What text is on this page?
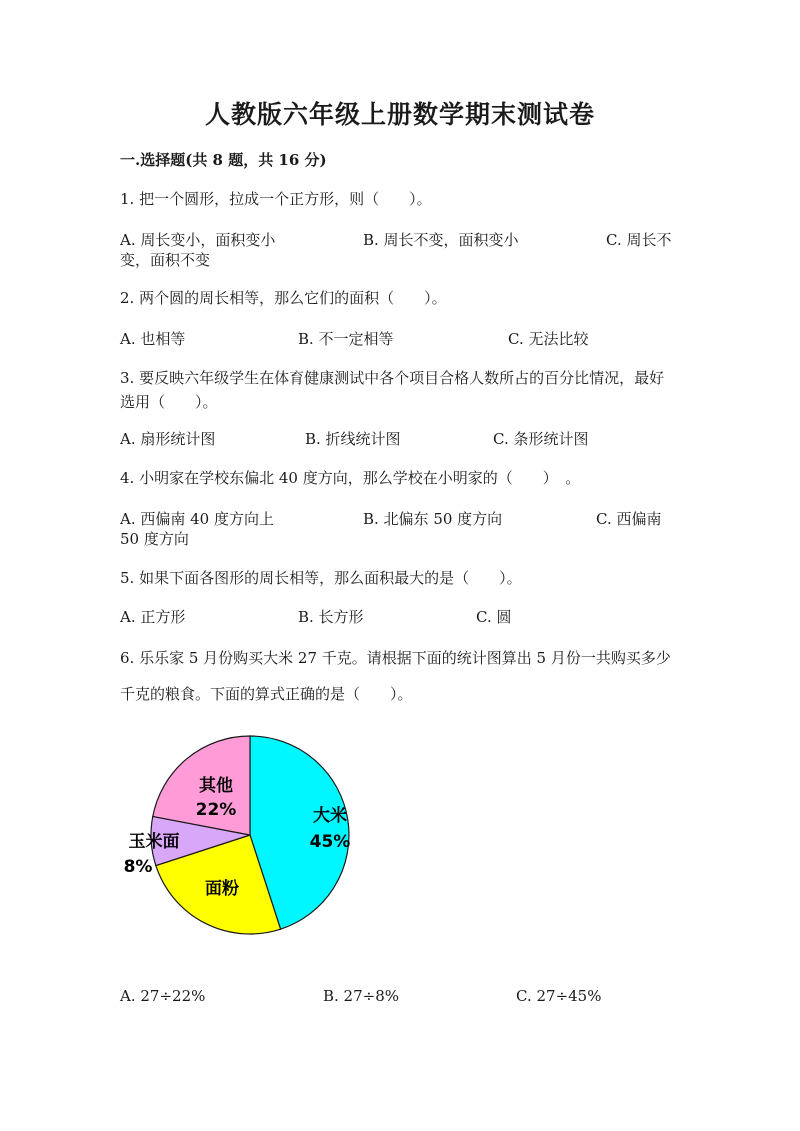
人教版六年级上册数学期末测试卷
一.选择题(共 8 题，共 16 分)
1. 把一个圆形，拉成一个正方形，则（　　）。
A. 周长变小，面积变小	B. 周长不变，面积变小	C. 周长不
变，面积不变
2. 两个圆的周长相等，那么它们的面积（　　）。
A. 也相等	B. 不一定相等	C. 无法比较
3. 要反映六年级学生在体育健康测试中各个项目合格人数所占的百分比情况，最好选用（　　）。
A. 扇形统计图	B. 折线统计图	C. 条形统计图
4. 小明家在学校东偏北 40 度方向，那么学校在小明家的（　　）　。
A. 西偏南 40 度方向上	B. 北偏东 50 度方向	C. 西偏南
50 度方向
5. 如果下面各图形的周长相等，那么面积最大的是（　　）。
A. 正方形	B. 长方形	C. 圆
6. 乐乐家 5 月份购买大米 27 千克。请根据下面的统计图算出 5 月份一共购买多少千克的粮食。下面的算式正确的是（　　）。
大米
45%
面粉
玉米面
8%
其他
22%
A. 27÷22%	B. 27÷8%	C. 27÷45%
